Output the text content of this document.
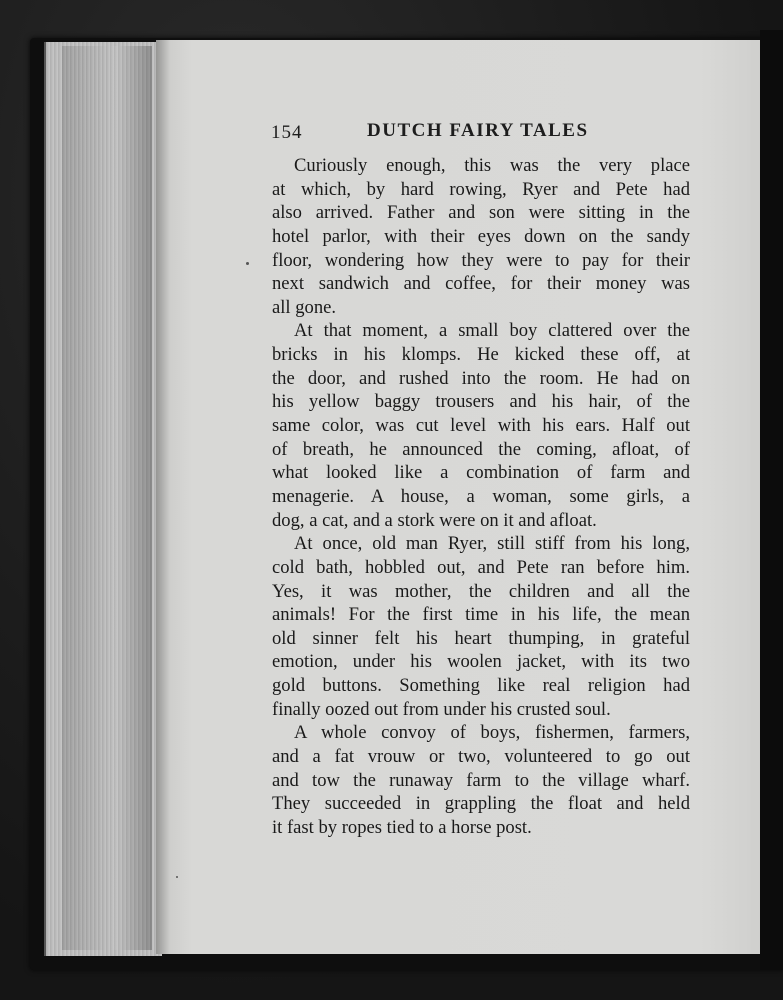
154	DUTCH FAIRY TALES
Curiously enough, this was the very place
at which, by hard rowing, Ryer and Pete had
also arrived. Father and son were sitting in the
hotel parlor, with their eyes down on the sandy
floor, wondering how they were to pay for their
next sandwich and coffee, for their money was
all gone.
At that moment, a small boy clattered over the
bricks in his klomps. He kicked these off, at
the door, and rushed into the room. He had on
his yellow baggy trousers and his hair, of the
same color, was cut level with his ears. Half out
of breath, he announced the coming, afloat, of
what looked like a combination of farm and
menagerie. A house, a woman, some girls, a
dog, a cat, and a stork were on it and afloat.
At once, old man Ryer, still stiff from his long,
cold bath, hobbled out, and Pete ran before him.
Yes, it was mother, the children and all the
animals! For the first time in his life, the mean
old sinner felt his heart thumping, in grateful
emotion, under his woolen jacket, with its two
gold buttons. Something like real religion had
finally oozed out from under his crusted soul.
A whole convoy of boys, fishermen, farmers,
and a fat vrouw or two, volunteered to go out
and tow the runaway farm to the village wharf.
They succeeded in grappling the float and held
it fast by ropes tied to a horse post.
